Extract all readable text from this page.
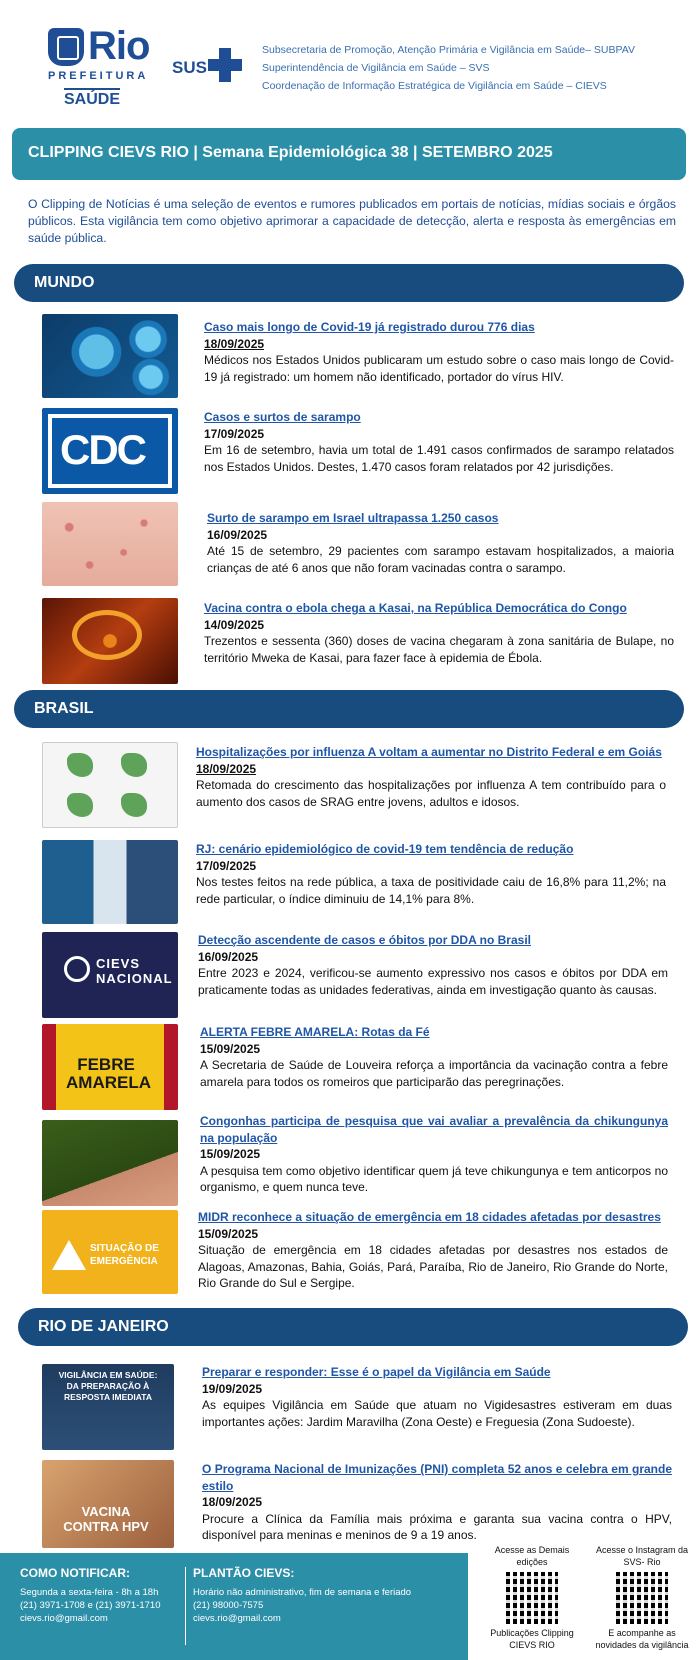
Rio
PREFEITURA
SAÚDE
SUS
Subsecretaria de Promoção, Atenção Primária e Vigilância em Saúde– SUBPAV
Superintendência de Vigilância em Saúde – SVS
Coordenação de Informação Estratégica de Vigilância em Saúde – CIEVS
CLIPPING CIEVS RIO | Semana Epidemiológica 38 | SETEMBRO 2025

O Clipping de Notícias é uma seleção de eventos e rumores publicados em portais de notícias, mídias sociais e órgãos públicos. Esta vigilância tem como objetivo aprimorar a capacidade de detecção, alerta e resposta às emergências em saúde pública.

MUNDO
Caso mais longo de Covid-19 já registrado durou 776 dias
18/09/2025
Médicos nos Estados Unidos publicaram um estudo sobre o caso mais longo de Covid-19 já registrado: um homem não identificado, portador do vírus HIV.
CDC
Casos e surtos de sarampo
17/09/2025
Em 16 de setembro, havia um total de 1.491 casos confirmados de sarampo relatados nos Estados Unidos. Destes, 1.470 casos foram relatados por 42 jurisdições.
Surto de sarampo em Israel ultrapassa 1.250 casos
16/09/2025
Até 15 de setembro, 29 pacientes com sarampo estavam hospitalizados, a maioria crianças de até 6 anos que não foram vacinadas contra o sarampo.
Vacina contra o ebola chega a Kasai, na República Democrática do Congo
14/09/2025
Trezentos e sessenta (360) doses de vacina chegaram à zona sanitária de Bulape, no território Mweka de Kasai, para fazer face à epidemia de Ébola.
BRASIL
Hospitalizações por influenza A voltam a aumentar no Distrito Federal e em Goiás
18/09/2025
Retomada do crescimento das hospitalizações por influenza A tem contribuído para o aumento dos casos de SRAG entre jovens, adultos e idosos.
RJ: cenário epidemiológico de covid-19 tem tendência de redução
17/09/2025
Nos testes feitos na rede pública, a taxa de positividade caiu de 16,8% para 11,2%; na rede particular, o índice diminuiu de 14,1% para 8%.
CIEVS NACIONAL
Detecção ascendente de casos e óbitos por DDA no Brasil
16/09/2025
Entre 2023 e 2024, verificou-se aumento expressivo nos casos e óbitos por DDA em praticamente todas as unidades federativas, ainda em investigação quanto às causas.
FEBRE AMARELA
ALERTA FEBRE AMARELA: Rotas da Fé
15/09/2025
A Secretaria de Saúde de Louveira reforça a importância da vacinação contra a febre amarela para todos os romeiros que participarão das peregrinações.
Congonhas participa de pesquisa que vai avaliar a prevalência da chikungunya na população
15/09/2025
A pesquisa tem como objetivo identificar quem já teve chikungunya e tem anticorpos no organismo, e quem nunca teve.
SITUAÇÃO DE EMERGÊNCIA
MIDR reconhece a situação de emergência em 18 cidades afetadas por desastres
15/09/2025
Situação de emergência em 18 cidades afetadas por desastres nos estados de Alagoas, Amazonas, Bahia, Goiás, Pará, Paraíba, Rio de Janeiro, Rio Grande do Norte, Rio Grande do Sul e Sergipe.
RIO DE JANEIRO
VIGILÂNCIA EM SAÚDE: DA PREPARAÇÃO À RESPOSTA IMEDIATA
Preparar e responder: Esse é o papel da Vigilância em Saúde
19/09/2025
As equipes Vigilância em Saúde que atuam no Vigidesastres estiveram em duas importantes ações: Jardim Maravilha (Zona Oeste) e Freguesia (Zona Sudoeste).
VACINA CONTRA HPV
O Programa Nacional de Imunizações (PNI) completa 52 anos e celebra em grande estilo
18/09/2025
Procure a Clínica da Família mais próxima e garanta sua vacina contra o HPV, disponível para meninas e meninos de 9 a 19 anos.
COMO NOTIFICAR:
Segunda a sexta-feira - 8h a 18h
(21) 3971-1708 e (21) 3971-1710
cievs.rio@gmail.com
PLANTÃO CIEVS:
Horário não administrativo, fim de semana e feriado
(21) 98000-7575
cievs.rio@gmail.com
Acesse as Demais edições
Publicações Clipping CIEVS RIO
Acesse o Instagram da SVS- Rio
E acompanhe as novidades da vigilância
